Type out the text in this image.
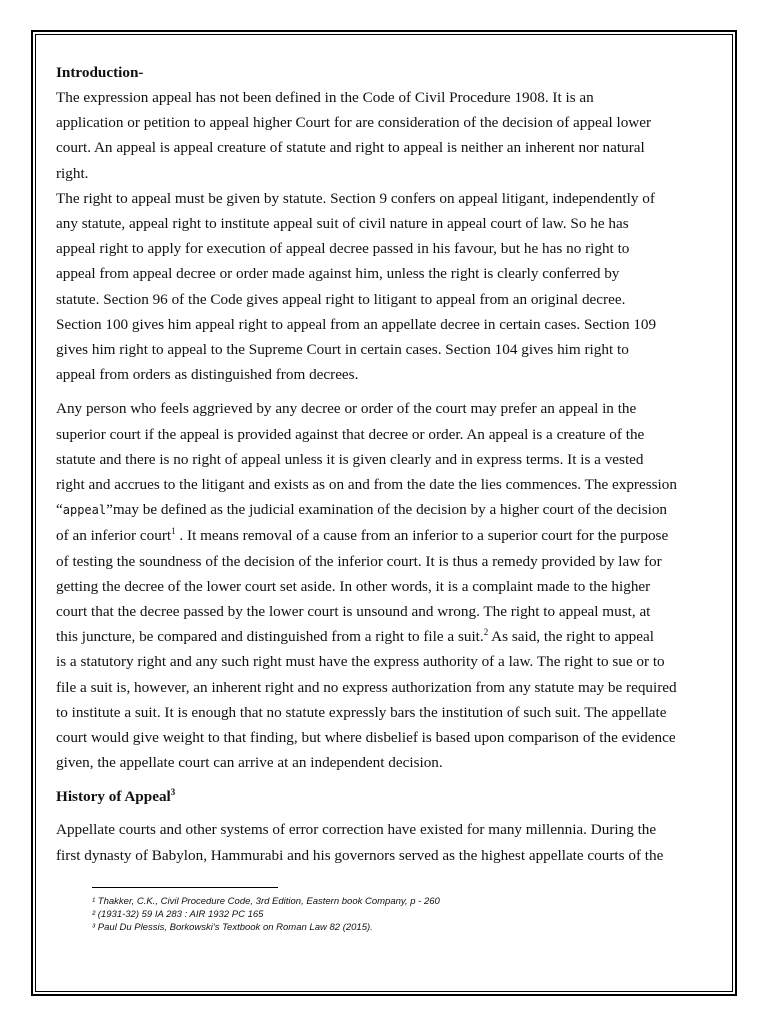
Introduction-

The expression appeal has not been defined in the Code of Civil Procedure 1908. It is an
application or petition to appeal higher Court for are consideration of the decision of appeal lower
court. An appeal is appeal creature of statute and right to appeal is neither an inherent nor natural
right.

The right to appeal must be given by statute. Section 9 confers on appeal litigant, independently of
any statute, appeal right to institute appeal suit of civil nature in appeal court of law. So he has
appeal right to apply for execution of appeal decree passed in his favour, but he has no right to
appeal from appeal decree or order made against him, unless the right is clearly conferred by
statute. Section 96 of the Code gives appeal right to litigant to appeal from an original decree.
Section 100 gives him appeal right to appeal from an appellate decree in certain cases. Section 109
gives him right to appeal to the Supreme Court in certain cases. Section 104 gives him right to
appeal from orders as distinguished from decrees.

Any person who feels aggrieved by any decree or order of the court may prefer an appeal in the
superior court if the appeal is provided against that decree or order. An appeal is a creature of the
statute and there is no right of appeal unless it is given clearly and in express terms. It is a vested
right and accrues to the litigant and exists as on and from the date the lies commences. The expression
“appeal”may be defined as the judicial examination of the decision by a higher court of the decision
of an inferior court$^1$ . It means removal of a cause from an inferior to a superior court for the purpose
of testing the soundness of the decision of the inferior court. It is thus a remedy provided by law for
getting the decree of the lower court set aside. In other words, it is a complaint made to the higher
court that the decree passed by the lower court is unsound and wrong. The right to appeal must, at
this juncture, be compared and distinguished from a right to file a suit.$^2$ As said, the right to appeal
is a statutory right and any such right must have the express authority of a law. The right to sue or to
file a suit is, however, an inherent right and no express authorization from any statute may be required
to institute a suit. It is enough that no statute expressly bars the institution of such suit. The appellate
court would give weight to that finding, but where disbelief is based upon comparison of the evidence
given, the appellate court can arrive at an independent decision.

History of Appeal$^3$

Appellate courts and other systems of error correction have existed for many millennia. During the
first dynasty of Babylon, Hammurabi and his governors served as the highest appellate courts of the

¹ Thakker, C.K., Civil Procedure Code, 3rd Edition, Eastern book Company, p - 260
² (1931-32) 59 IA 283 : AIR 1932 PC 165
³ Paul Du Plessis, Borkowski's Textbook on Roman Law 82 (2015).
